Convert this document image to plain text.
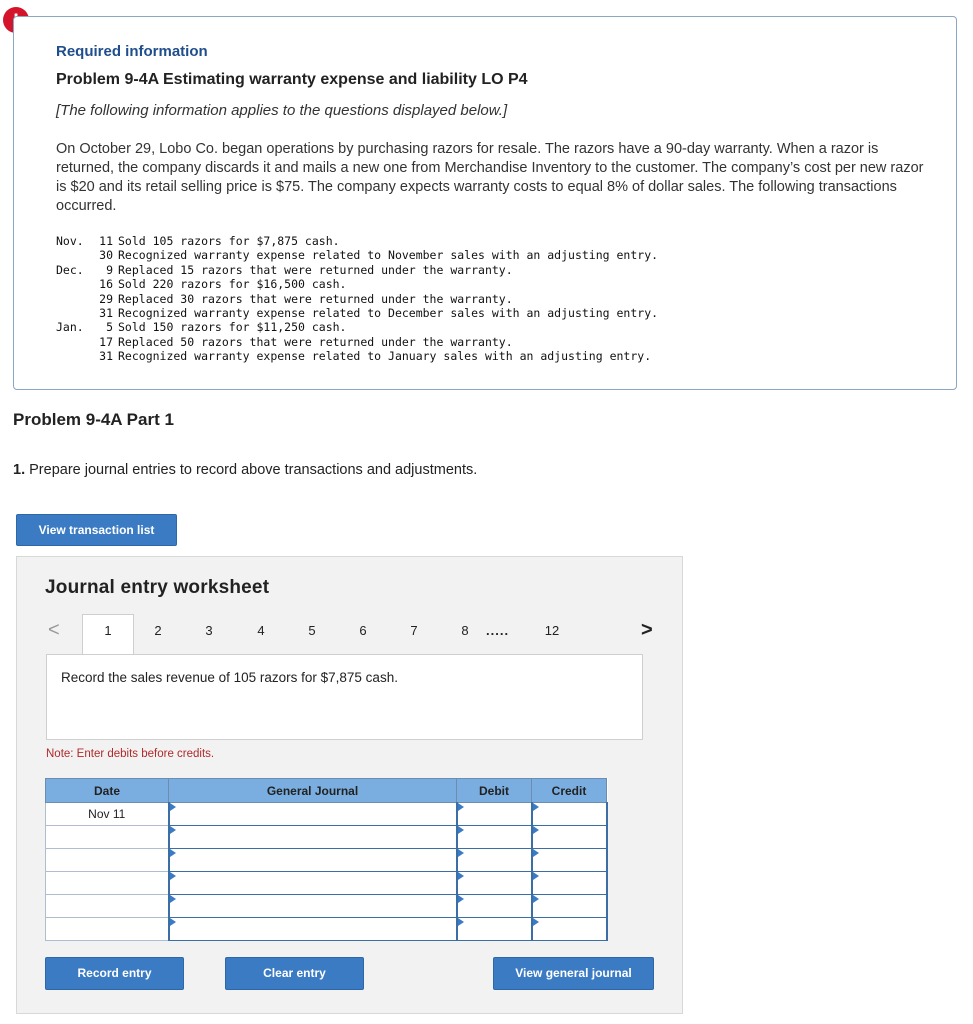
Required information
Problem 9-4A Estimating warranty expense and liability LO P4
[The following information applies to the questions displayed below.]
On October 29, Lobo Co. began operations by purchasing razors for resale. The razors have a 90-day warranty. When a razor is returned, the company discards it and mails a new one from Merchandise Inventory to the customer. The company’s cost per new razor is $20 and its retail selling price is $75. The company expects warranty costs to equal 8% of dollar sales. The following transactions occurred.
Nov.	11	Sold 105 razors for $7,875 cash.
	30	Recognized warranty expense related to November sales with an adjusting entry.
Dec.	9	Replaced 15 razors that were returned under the warranty.
	16	Sold 220 razors for $16,500 cash.
	29	Replaced 30 razors that were returned under the warranty.
	31	Recognized warranty expense related to December sales with an adjusting entry.
Jan.	5	Sold 150 razors for $11,250 cash.
	17	Replaced 50 razors that were returned under the warranty.
	31	Recognized warranty expense related to January sales with an adjusting entry.
Problem 9-4A Part 1
1. Prepare journal entries to record above transactions and adjustments.
View transaction list
Journal entry worksheet
<	1	2	3	4	5	6	7	8	.....	12	>
Record the sales revenue of 105 razors for $7,875 cash.
Note: Enter debits before credits.
Date	General Journal	Debit	Credit
Nov 11	

Record entry	Clear entry	View general journal
